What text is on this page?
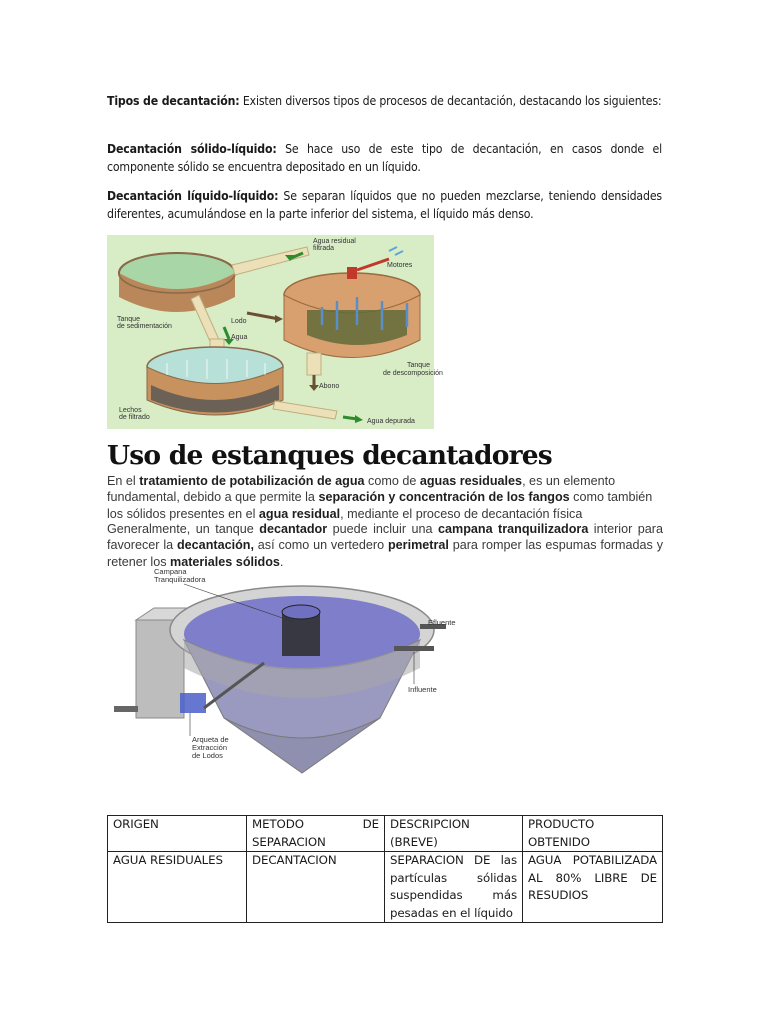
Tipos de decantación: Existen diversos tipos de procesos de decantación, destacando los siguientes:

Decantación sólido-líquido: Se hace uso de este tipo de decantación, en casos donde el componente sólido se encuentra depositado en un líquido.

Decantación líquido-líquido: Se separan líquidos que no pueden mezclarse, teniendo densidades diferentes, acumulándose en la parte inferior del sistema, el líquido más denso.

Agua residual
filtrada
Motores
Tanque
de sedimentación
Lodo
Agua
Tanque
de descomposición
Abono
Lechos
de filtrado
Agua depurada
Uso de estanques decantadores

En el tratamiento de potabilización de agua como de aguas residuales, es un elemento fundamental, debido a que permite la separación y concentración de los fangos como también los sólidos presentes en el agua residual, mediante el proceso de decantación física

Generalmente, un tanque decantador puede incluir una campana tranquilizadora interior para favorecer la decantación, así como un vertedero perimetral para romper las espumas formadas y retener los materiales sólidos.

Campana
Tranquilizadora
Efluente
Influente
Arqueta de
Extracción
de Lodos
ORIGEN	METODO DE SEPARACION	DESCRIPCION (BREVE)	PRODUCTO OBTENIDO
AGUA RESIDUALES	DECANTACION	SEPARACION DE las partículas sólidas suspendidas más pesadas en el líquido	AGUA POTABILIZADA AL 80% LIBRE DE RESUDIOS
